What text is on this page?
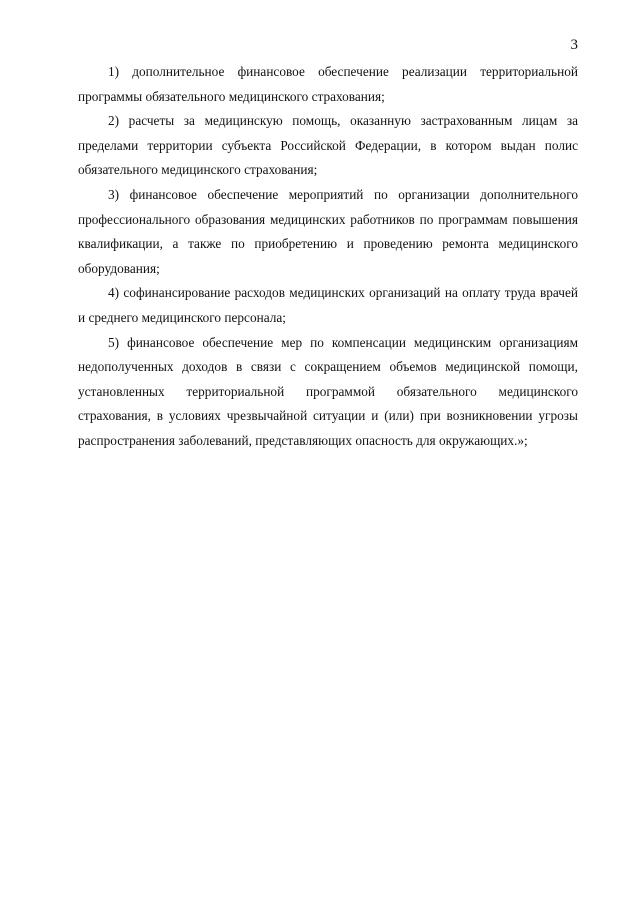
3

1) дополнительное финансовое обеспечение реализации территориальной программы обязательного медицинского страхования;

2) расчеты за медицинскую помощь, оказанную застрахованным лицам за пределами территории субъекта Российской Федерации, в котором выдан полис обязательного медицинского страхования;

3) финансовое обеспечение мероприятий по организации дополнительного профессионального образования медицинских работников по программам повышения квалификации, а также по приобретению и проведению ремонта медицинского оборудования;

4) софинансирование расходов медицинских организаций на оплату труда врачей и среднего медицинского персонала;

5) финансовое обеспечение мер по компенсации медицинским организациям недополученных доходов в связи с сокращением объемов медицинской помощи, установленных территориальной программой обязательного медицинского страхования, в условиях чрезвычайной ситуации и (или) при возникновении угрозы распространения заболеваний, представляющих опасность для окружающих.»;
